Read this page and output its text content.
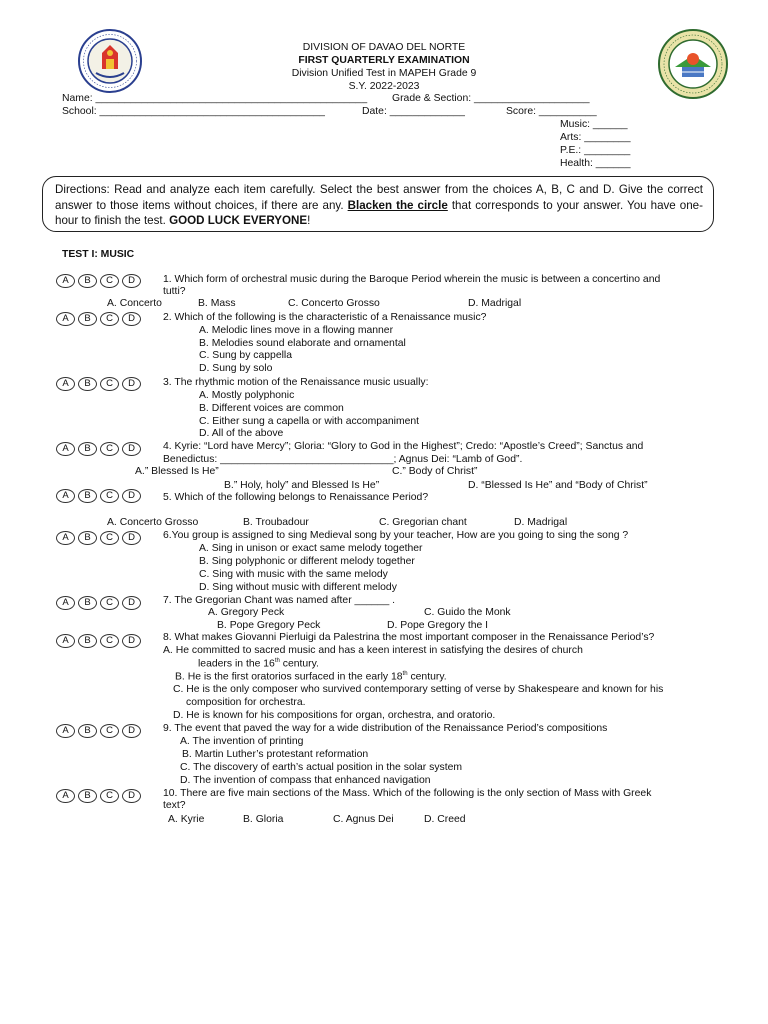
DIVISION OF DAVAO DEL NORTE
FIRST QUARTERLY EXAMINATION
Division Unified Test in MAPEH Grade 9
S.Y. 2022-2023
Name: _______________________________________________ Grade & Section: ____________________
School: _______________________________________	Date: _____________	Score: __________
Music: ______
Arts: ________
P.E.: ________
Health: ______
Directions: Read and analyze each item carefully. Select the best answer from the choices A, B, C and D. Give the correct answer to those items without choices, if there are any. Blacken the circle that corresponds to your answer. You have one-hour to finish the test. GOOD LUCK EVERYONE!
TEST I: MUSIC
A	B	C	D	1. Which form of orchestral music during the Baroque Period wherein the music is between a concertino and
tutti?
A. Concerto	B. Mass	C. Concerto Grosso	D. Madrigal
A	B	C	D	2. Which of the following is the characteristic of a Renaissance music?
A. Melodic lines move in a flowing manner
B. Melodies sound elaborate and ornamental
C. Sung by cappella
D. Sung by solo
A	B	C	D	3. The rhythmic motion of the Renaissance music usually:
A. Mostly polyphonic
B. Different voices are common
C. Either sung a capella or with accompaniment
D. All of the above
A	B	C	D	4. Kyrie: “Lord have Mercy”; Gloria: “Glory to God in the Highest”; Credo: “Apostle’s Creed”; Sanctus and
Benedictus: ______________________________; Agnus Dei: “Lamb of God”.
A.” Blessed Is He”	C.” Body of Christ”
B.” Holy, holy” and Blessed Is He”	D. “Blessed Is He” and “Body of Christ”
A	B	C	D	5. Which of the following belongs to Renaissance Period?
A. Concerto Grosso	B. Troubadour	C. Gregorian chant	D. Madrigal
A	B	C	D	6.You group is assigned to sing Medieval song by your teacher, How are you going to sing the song ?
A. Sing in unison or exact same melody together
B. Sing polyphonic or different melody together
C. Sing with music with the same melody
D. Sing without music with different melody
A	B	C	D	7. The Gregorian Chant was named after ______ .
A. Gregory Peck	C. Guido the Monk
B. Pope Gregory Peck	D. Pope Gregory the I
A	B	C	D	8. What makes Giovanni Pierluigi da Palestrina the most important composer in the Renaissance Period’s?
A. He committed to sacred music and has a keen interest in satisfying the desires of church
leaders in the 16th century.
B. He is the first oratorios surfaced in the early 18th century.
C. He is the only composer who survived contemporary setting of verse by Shakespeare and known for his
composition for orchestra.
D. He is known for his compositions for organ, orchestra, and oratorio.
A	B	C	D	9. The event that paved the way for a wide distribution of the Renaissance Period’s compositions
A. The invention of printing
B. Martin Luther’s protestant reformation
C. The discovery of earth’s actual position in the solar system
D. The invention of compass that enhanced navigation
A	B	C	D	10. There are five main sections of the Mass. Which of the following is the only section of Mass with Greek
text?
A. Kyrie	B. Gloria	C. Agnus Dei	D. Creed
